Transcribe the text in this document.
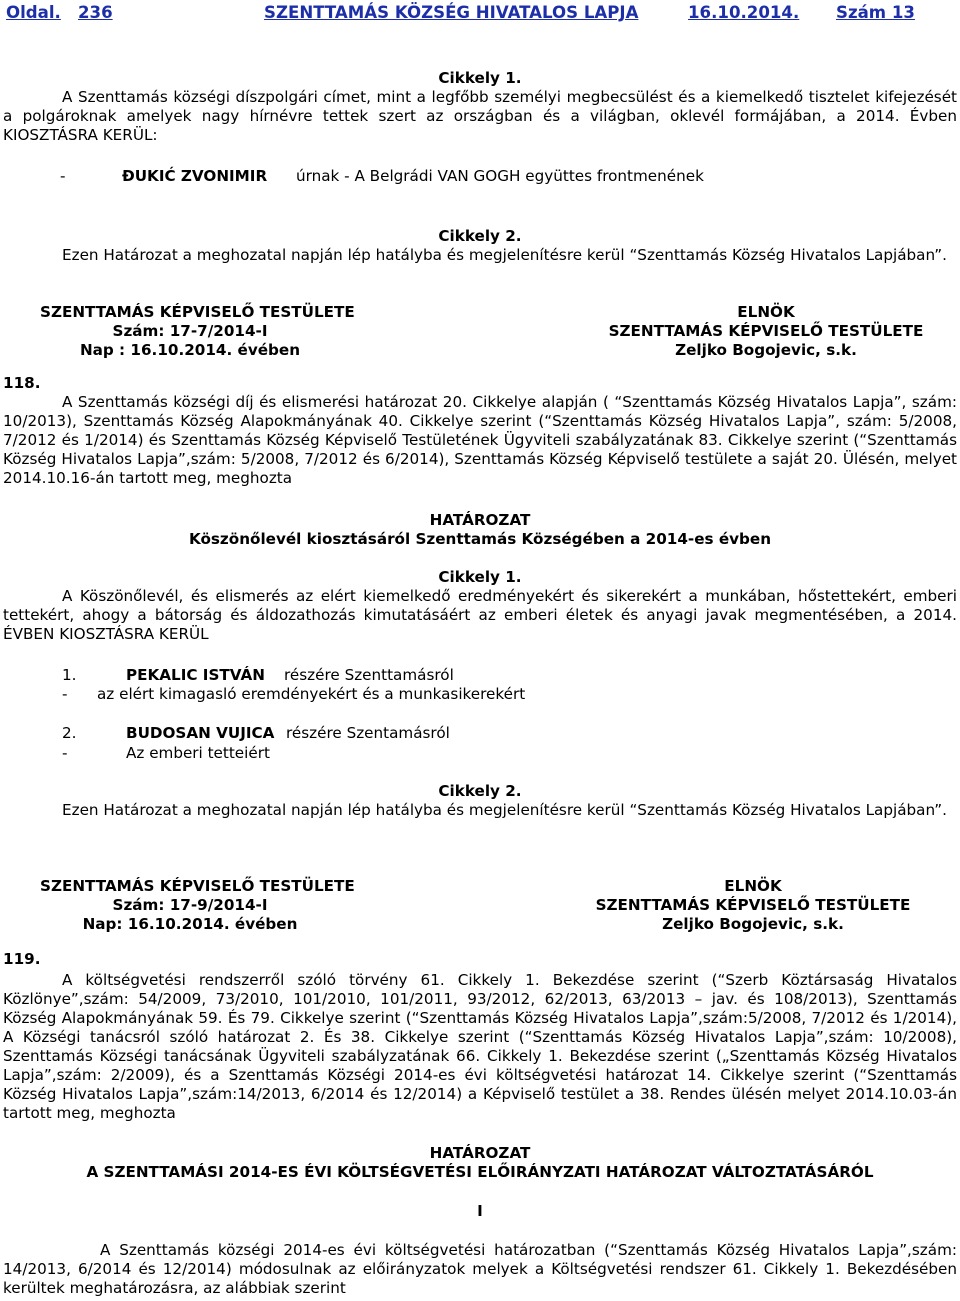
Oldal. 236	SZENTTAMÁS KÖZSÉG HIVATALOS LAPJA	16.10.2014. Szám 13
Cikkely 1.
A Szenttamás községi díszpolgári címet, mint a legfőbb személyi megbecsülést és a kiemelkedő tisztelet kifejezését a polgároknak amelyek nagy hírnévre tettek szert az országban és a világban, oklevél formájában, a 2014. Évben KIOSZTÁSRA KERÜL:
-	ĐUKIĆ ZVONIMIR úrnak - A Belgrádi VAN GOGH együttes frontmenének
Cikkely 2.
Ezen Határozat a meghozatal napján lép hatályba és megjelenítésre kerül “Szenttamás Község Hivatalos Lapjában”.
SZENTTAMÁS KÉPVISELŐ TESTÜLETE
Szám: 17-7/2014-I
Nap : 16.10.2014. évében
ELNÖK
SZENTTAMÁS KÉPVISELŐ TESTÜLETE
Zeljko Bogojevic, s.k.
118.
A Szenttamás községi díj és elismerési határozat 20. Cikkelye alapján ( “Szenttamás Község Hivatalos Lapja”, szám: 10/2013), Szenttamás Község Alapokmányának 40. Cikkelye szerint (“Szenttamás Község Hivatalos Lapja”, szám: 5/2008, 7/2012 és 1/2014) és Szenttamás Község Képviselő Testületének Ügyviteli szabályzatának 83. Cikkelye szerint (“Szenttamás Község Hivatalos Lapja”,szám: 5/2008, 7/2012 és 6/2014), Szenttamás Község Képviselő testülete a saját 20. Ülésén, melyet 2014.10.16-án tartott meg, meghozta
HATÁROZAT
Köszönőlevél kiosztásáról Szenttamás Községében a 2014-es évben
Cikkely 1.
A Köszönőlevél, és elismerés az elért kiemelkedő eredményekért és sikerekért a munkában, hőstettekért, emberi tettekért, ahogy a bátorság és áldozathozás kimutatásáért az emberi életek és anyagi javak megmentésében, a 2014. ÉVBEN KIOSZTÁSRA KERÜL
1.	PEKALIC ISTVÁN részére Szenttamásról
- az elért kimagasló eremdényekért és a munkasikerekért
2.	BUDOSAN VUJICA részére Szentamásról
-	Az emberi tetteiért
Cikkely 2.
Ezen Határozat a meghozatal napján lép hatályba és megjelenítésre kerül “Szenttamás Község Hivatalos Lapjában”.
SZENTTAMÁS KÉPVISELŐ TESTÜLETE
Szám: 17-9/2014-I
Nap: 16.10.2014. évében
ELNÖK
SZENTTAMÁS KÉPVISELŐ TESTÜLETE
Zeljko Bogojevic, s.k.
119.
A költségvetési rendszerről szóló törvény 61. Cikkely 1. Bekezdése szerint (“Szerb Köztársaság Hivatalos Közlönye”,szám: 54/2009, 73/2010, 101/2010, 101/2011, 93/2012, 62/2013, 63/2013 – jav. és 108/2013), Szenttamás Község Alapokmányának 59. És 79. Cikkelye szerint (“Szenttamás Község Hivatalos Lapja”,szám:5/2008, 7/2012 és 1/2014), A Községi tanácsról szóló határozat 2. És 38. Cikkelye szerint (“Szenttamás Község Hivatalos Lapja”,szám: 10/2008), Szenttamás Községi tanácsának Ügyviteli szabályzatának 66. Cikkely 1. Bekezdése szerint („Szenttamás Község Hivatalos Lapja”,szám: 2/2009), és a Szenttamás Községi 2014-es évi költségvetési határozat 14. Cikkelye szerint (“Szenttamás Község Hivatalos Lapja”,szám:14/2013, 6/2014 és 12/2014) a Képviselő testület a 38. Rendes ülésén melyet 2014.10.03-án tartott meg, meghozta
HATÁROZAT
A SZENTTAMÁSI 2014-ES ÉVI KÖLTSÉGVETÉSI ELŐIRÁNYZATI HATÁROZAT VÁLTOZTATÁSÁRÓL
I
A Szenttamás községi 2014-es évi költségvetési határozatban (“Szenttamás Község Hivatalos Lapja”,szám: 14/2013, 6/2014 és 12/2014) módosulnak az előirányzatok melyek a Költségvetési rendszer 61. Cikkely 1. Bekezdésében kerültek meghatározásra, az alábbiak szerint
